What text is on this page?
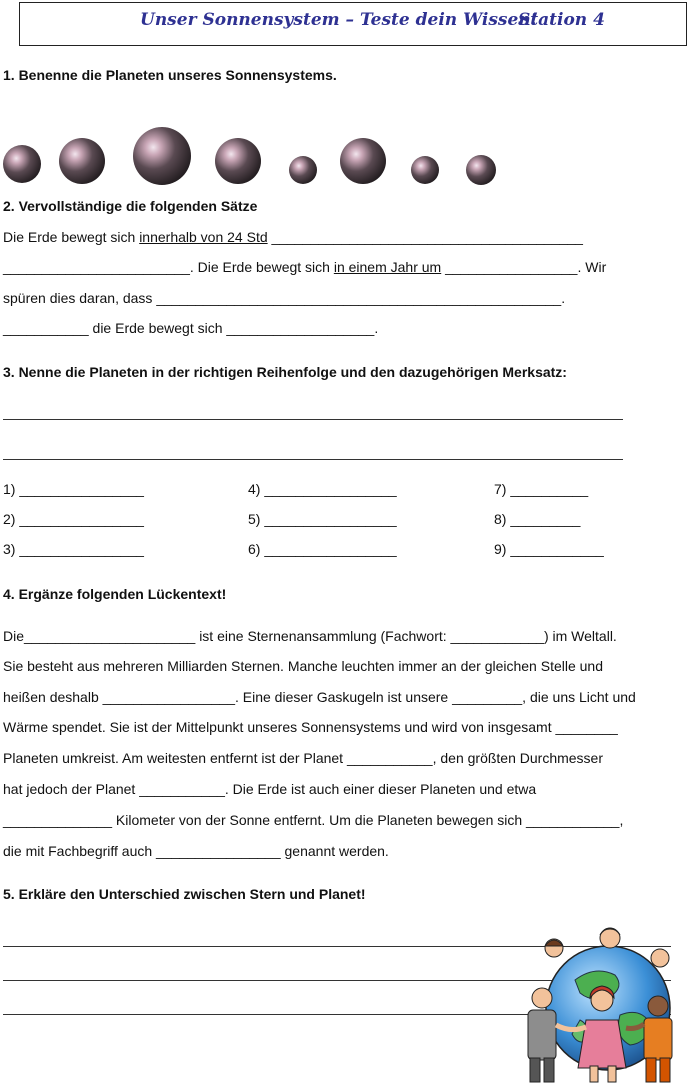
Unser Sonnensystem – Teste dein Wissen!
Station 4
1. Benenne die Planeten unseres Sonnensystems.
2. Vervollständige die folgenden Sätze
Die Erde bewegt sich innerhalb von 24 Std ________________________________________
________________________. Die Erde bewegt sich in einem Jahr um _________________. Wir
spüren dies daran, dass ____________________________________________________.
___________ die Erde bewegt sich ___________________.
3. Nenne die Planeten in der richtigen Reihenfolge und den dazugehörigen Merksatz:
1) ________________	4) _________________	7) __________
2) ________________	5) _________________	8) _________
3) ________________	6) _________________	9) ____________
4. Ergänze folgenden Lückentext!
Die______________________ ist eine Sternenansammlung (Fachwort: ____________) im Weltall.
Sie besteht aus mehreren Milliarden Sternen. Manche leuchten immer an der gleichen Stelle und
heißen deshalb _________________. Eine dieser Gaskugeln ist unsere _________, die uns Licht und
Wärme spendet. Sie ist der Mittelpunkt unseres Sonnensystems und wird von insgesamt ________
Planeten umkreist. Am weitesten entfernt ist der Planet ___________, den größten Durchmesser
hat jedoch der Planet ___________. Die Erde ist auch einer dieser Planeten und etwa
______________ Kilometer von der Sonne entfernt. Um die Planeten bewegen sich ____________,
die mit Fachbegriff auch ________________ genannt werden.
5. Erkläre den Unterschied zwischen Stern und Planet!
